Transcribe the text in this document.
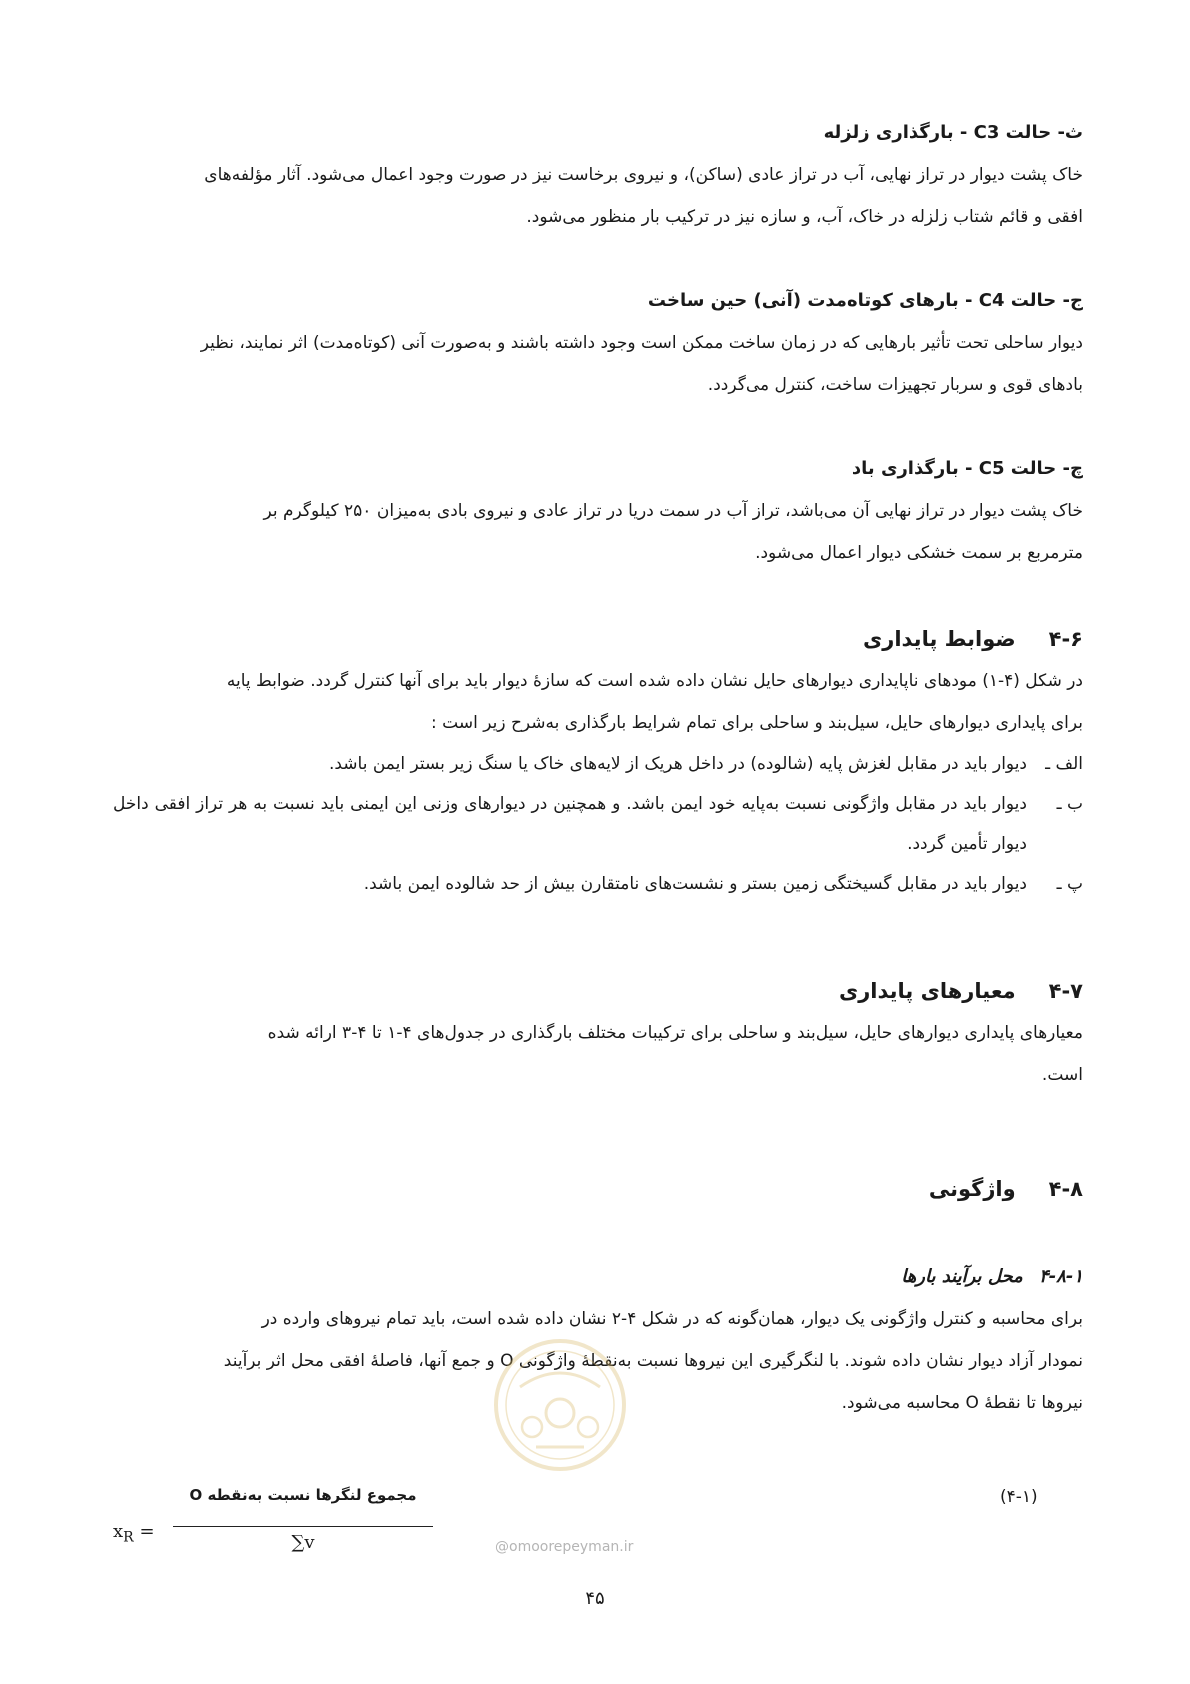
ث- حالت C3 - بارگذاری زلزله

خاک پشت دیوار در تراز نهایی، آب در تراز عادی (ساکن)، و نیروی برخاست نیز در صورت وجود اعمال می‌شود. آثار مؤلفه‌های

افقی و قائم شتاب زلزله در خاک، آب، و سازه نیز در ترکیب بار منظور می‌شود.

ج- حالت C4 - بارهای کوتاه‌مدت (آنی) حین ساخت

دیوار ساحلی تحت تأثیر بارهایی که در زمان ساخت ممکن است وجود داشته باشند و به‌صورت آنی (کوتاه‌مدت) اثر نمایند، نظیر

بادهای قوی و سربار تجهیزات ساخت، کنترل می‌گردد.

چ- حالت C5 - بارگذاری باد

خاک پشت دیوار در تراز نهایی آن می‌باشد، تراز آب در سمت دریا در تراز عادی و نیروی بادی به‌میزان ۲۵۰ کیلوگرم بر

مترمربع بر سمت خشکی دیوار اعمال می‌شود.

۴-۶ ضوابط پایداری

در شکل (۴-۱) مودهای ناپایداری دیوارهای حایل نشان داده شده است که سازهٔ دیوار باید برای آنها کنترل گردد. ضوابط پایه

برای پایداری دیوارهای حایل، سیل‌بند و ساحلی برای تمام شرایط بارگذاری به‌شرح زیر است :

الف ـ
دیوار باید در مقابل لغزش پایه (شالوده) در داخل هریک از لایه‌های خاک یا سنگ زیر بستر ایمن باشد.
ب ـ
دیوار باید در مقابل واژگونی نسبت به‌پایه خود ایمن باشد. و همچنین در دیوارهای وزنی این ایمنی باید نسبت به هر تراز افقی داخل دیوار تأمین گردد.
پ ـ
دیوار باید در مقابل گسیختگی زمین بستر و نشست‌های نامتقارن بیش از حد شالوده ایمن باشد.

۴-۷ معیارهای پایداری

معیارهای پایداری دیوارهای حایل، سیل‌بند و ساحلی برای ترکیبات مختلف بارگذاری در جدول‌های ۴-۱ تا ۴-۳ ارائه شده

است.

۴-۸ واژگونی

۴-۸-۱ محل برآیند بارها

برای محاسبه و کنترل واژگونی یک دیوار، همان‌گونه که در شکل ۴-۲ نشان داده شده است، باید تمام نیروهای وارده در

نمودار آزاد دیوار نشان داده شوند. با لنگرگیری این نیروها نسبت به‌نقطهٔ واژگونی O و جمع آنها، فاصلهٔ افقی محل اثر برآیند

نیروها تا نقطهٔ O محاسبه می‌شود.

(۴-۱)
$x_R$ =
مجموع لنگرها نسبت به‌نقطه O
∑v	@omoorepeyman.ir
۴۵
